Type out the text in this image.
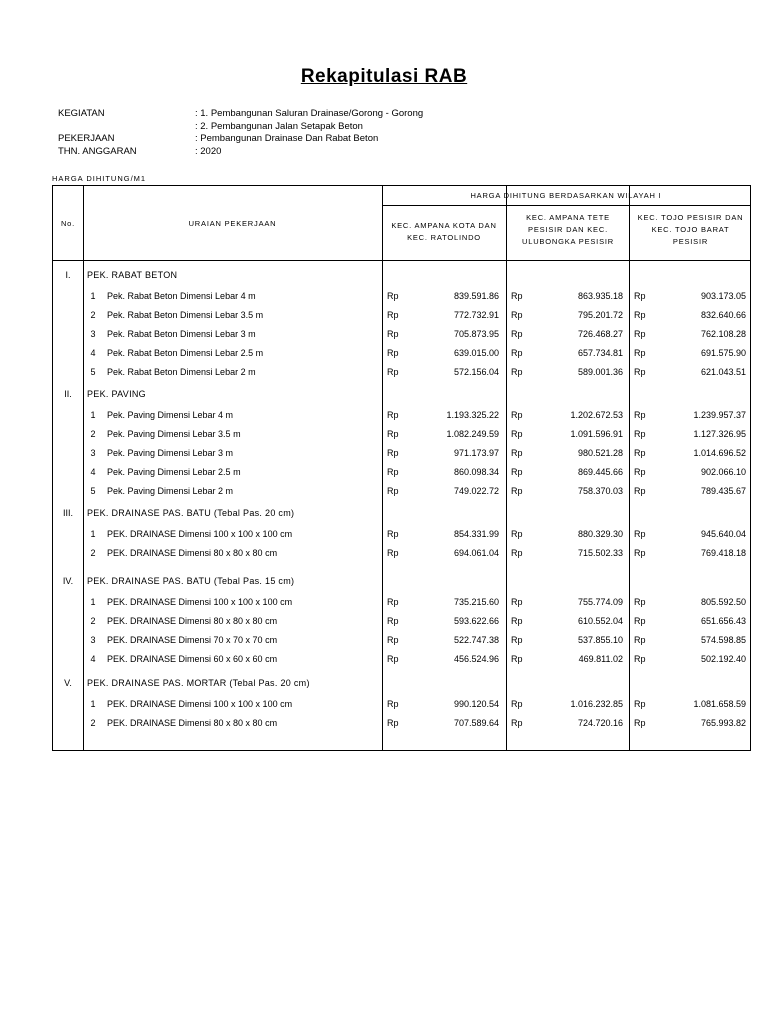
Rekapitulasi RAB
KEGIATAN	: 1. Pembangunan Saluran Drainase/Gorong - Gorong
: 2. Pembangunan Jalan Setapak Beton
PEKERJAAN	: Pembangunan Drainase Dan Rabat Beton
THN. ANGGARAN	: 2020
HARGA DIHITUNG/M1
No.	URAIAN PEKERJAAN
HARGA DIHITUNG BERDASARKAN WILAYAH I
KEC. AMPANA KOTA DAN KEC. RATOLINDO
KEC. AMPANA TETE PESISIR DAN KEC. ULUBONGKA PESISIR
KEC. TOJO PESISIR DAN KEC. TOJO BARAT PESISIR
I.	PEK. RABAT BETON
1	Pek. Rabat Beton Dimensi Lebar 4 m	Rp	839.591.86 Rp	863.935.18 Rp	903.173.05
2	Pek. Rabat Beton Dimensi Lebar 3.5 m	Rp	772.732.91 Rp	795.201.72 Rp	832.640.66
3	Pek. Rabat Beton Dimensi Lebar 3 m	Rp	705.873.95 Rp	726.468.27 Rp	762.108.28
4	Pek. Rabat Beton Dimensi Lebar 2.5 m	Rp	639.015.00 Rp	657.734.81 Rp	691.575.90
5	Pek. Rabat Beton Dimensi Lebar 2 m	Rp	572.156.04 Rp	589.001.36 Rp	621.043.51
II.	PEK. PAVING
1	Pek. Paving Dimensi Lebar 4 m	Rp	1.193.325.22 Rp	1.202.672.53 Rp	1.239.957.37
2	Pek. Paving Dimensi Lebar 3.5 m	Rp	1.082.249.59 Rp	1.091.596.91 Rp	1.127.326.95
3	Pek. Paving Dimensi Lebar 3 m	Rp	971.173.97 Rp	980.521.28 Rp	1.014.696.52
4	Pek. Paving Dimensi Lebar 2.5 m	Rp	860.098.34 Rp	869.445.66 Rp	902.066.10
5	Pek. Paving Dimensi Lebar 2 m	Rp	749.022.72 Rp	758.370.03 Rp	789.435.67
III.	PEK. DRAINASE PAS. BATU (Tebal Pas. 20 cm)
1	PEK. DRAINASE Dimensi 100 x 100 x 100 cm	Rp	854.331.99 Rp	880.329.30 Rp	945.640.04
2	PEK. DRAINASE Dimensi 80 x 80 x 80 cm	Rp	694.061.04 Rp	715.502.33 Rp	769.418.18
IV.	PEK. DRAINASE PAS. BATU (Tebal Pas. 15 cm)
1	PEK. DRAINASE Dimensi 100 x 100 x 100 cm	Rp	735.215.60 Rp	755.774.09 Rp	805.592.50
2	PEK. DRAINASE Dimensi 80 x 80 x 80 cm	Rp	593.622.66 Rp	610.552.04 Rp	651.656.43
3	PEK. DRAINASE Dimensi 70 x 70 x 70 cm	Rp	522.747.38 Rp	537.855.10 Rp	574.598.85
4	PEK. DRAINASE Dimensi 60 x 60 x 60 cm	Rp	456.524.96 Rp	469.811.02 Rp	502.192.40
V.	PEK. DRAINASE PAS. MORTAR (Tebal Pas. 20 cm)
1	PEK. DRAINASE Dimensi 100 x 100 x 100 cm	Rp	990.120.54 Rp	1.016.232.85 Rp	1.081.658.59
2	PEK. DRAINASE Dimensi 80 x 80 x 80 cm	Rp	707.589.64 Rp	724.720.16 Rp	765.993.82
